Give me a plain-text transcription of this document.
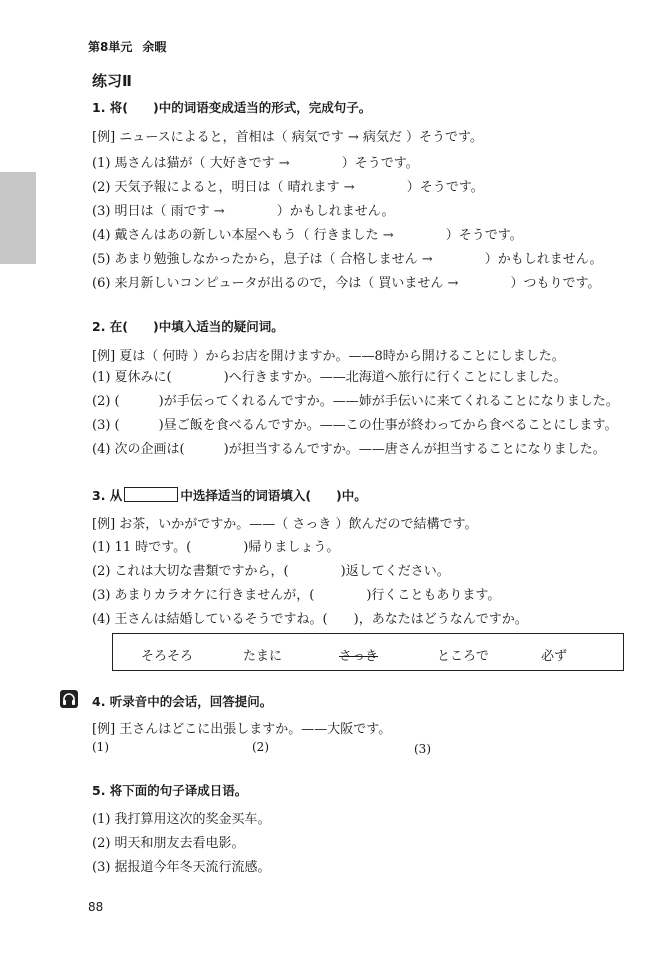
第8単元 余暇
练习Ⅱ
1. 将(　　)中的词语变成适当的形式，完成句子。
[例] ニュースによると，首相は（ 病気です → 病気だ ）そうです。
(1) 馬さんは猫が（ 大好きです →　　　　）そうです。
(2) 天気予報によると，明日は（ 晴れます →　　　　）そうです。
(3) 明日は（ 雨です →　　　　）かもしれません。
(4) 戴さんはあの新しい本屋へもう（ 行きました →　　　　）そうです。
(5) あまり勉強しなかったから，息子は（ 合格しません →　　　　）かもしれません。
(6) 来月新しいコンピュータが出るので，今は（ 買いません →　　　　）つもりです。
2. 在(　　)中填入适当的疑问词。
[例] 夏は（ 何時 ）からお店を開けますか。——8時から開けることにしました。
(1) 夏休みに(　　　　)へ行きますか。——北海道へ旅行に行くことにしました。
(2) (　　　)が手伝ってくれるんですか。——姉が手伝いに来てくれることになりました。
(3) (　　　)昼ご飯を食べるんですか。——この仕事が終わってから食べることにします。
(4) 次の企画は(　　　)が担当するんですか。——唐さんが担当することになりました。
3. 从	中选择适当的词语填入(　　)中。
[例] お茶，いかがですか。——（ さっき ）飲んだので結構です。
(1) 11 時です。(　　　　)帰りましょう。
(2) これは大切な書類ですから，(　　　　)返してください。
(3) あまりカラオケに行きませんが，(　　　　)行くこともあります。
(4) 王さんは結婚しているそうですね。(　　)，あなたはどうなんですか。
そろそろ	たまに	さっき	ところで	必ず
4. 听录音中的会话，回答提问。
[例] 王さんはどこに出張しますか。——大阪です。
(1)	(2)	(3)
5. 将下面的句子译成日语。
(1) 我打算用这次的奖金买车。
(2) 明天和朋友去看电影。
(3) 据报道今年冬天流行流感。
88
